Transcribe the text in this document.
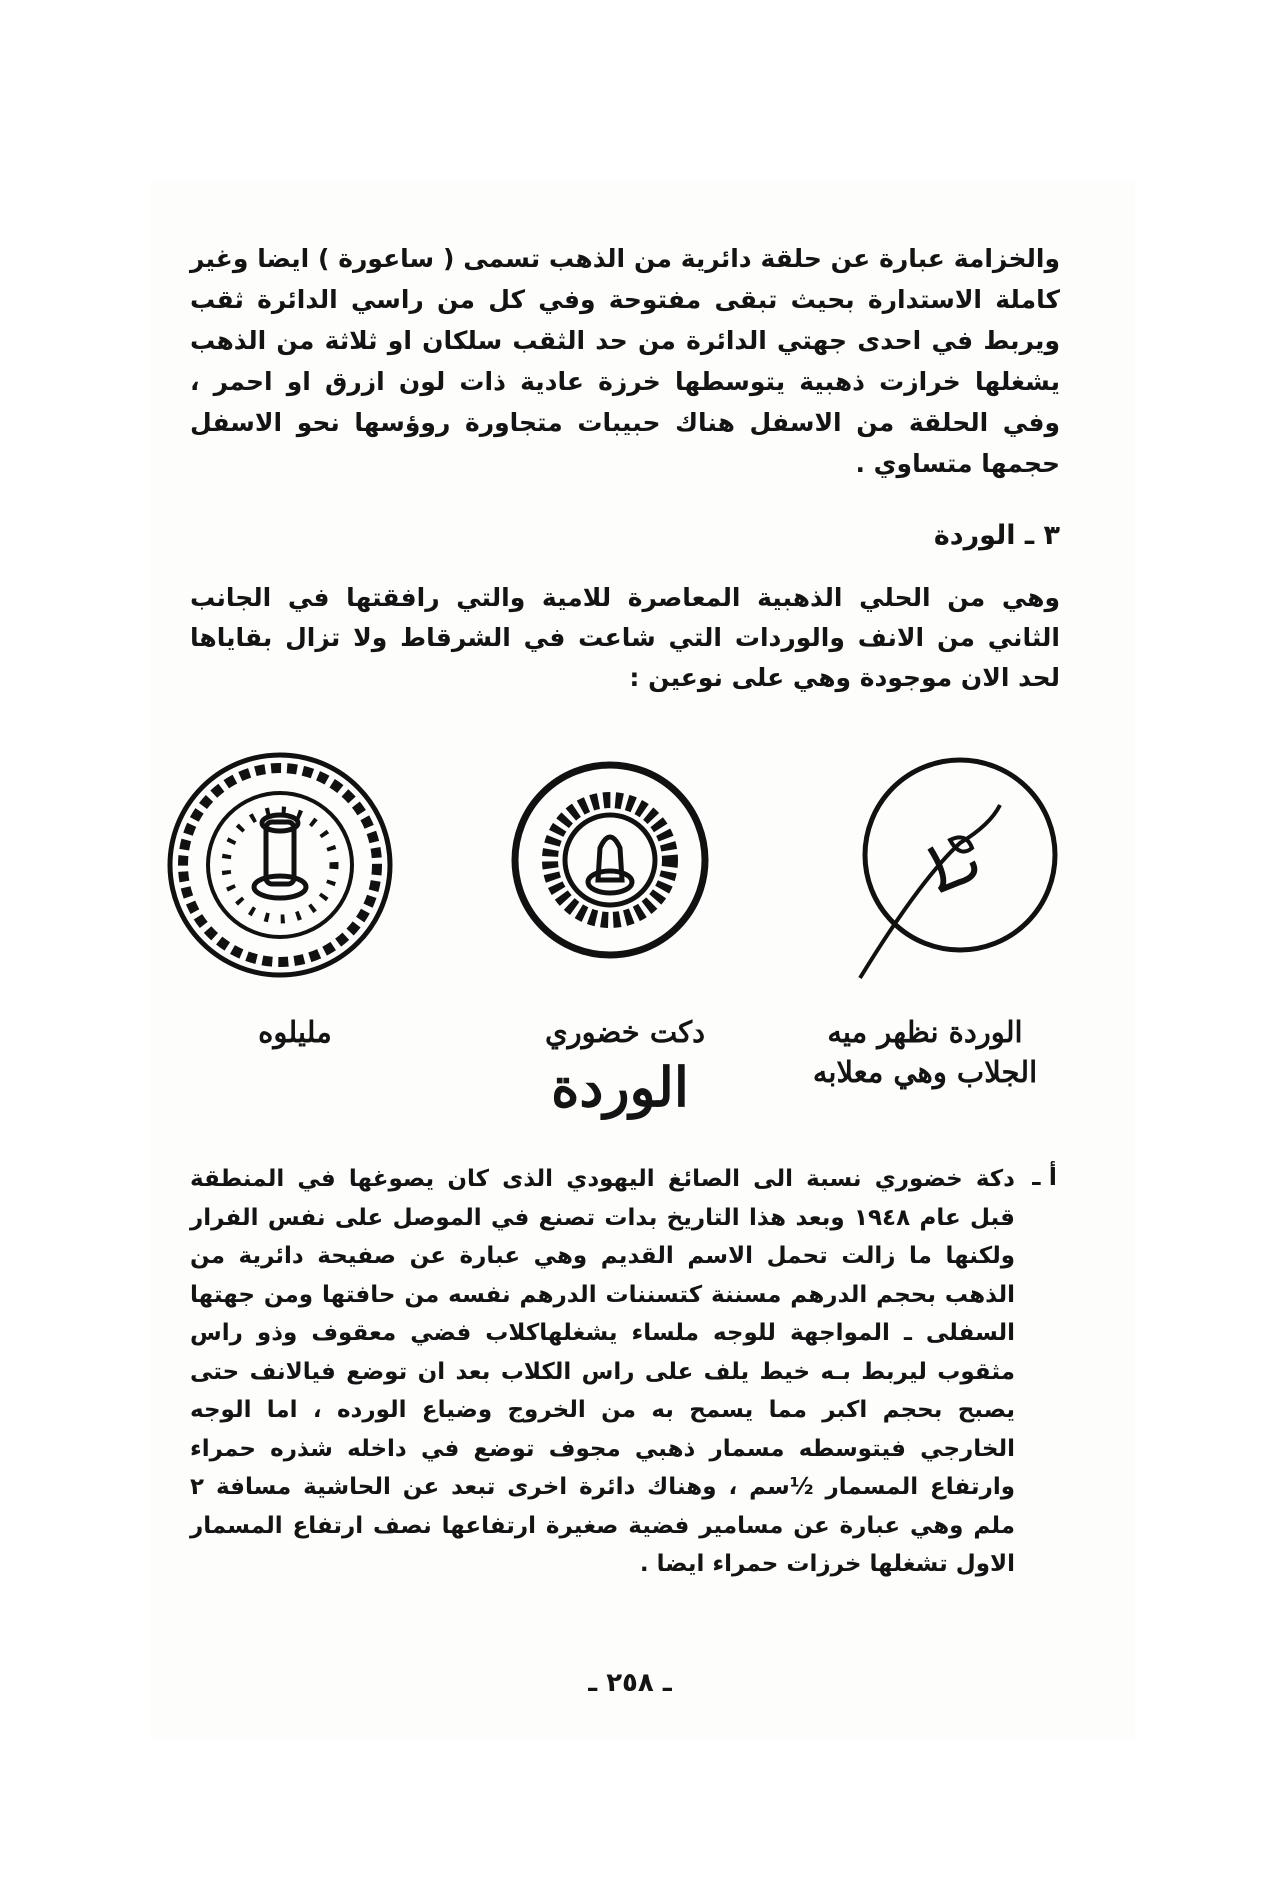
والخزامة عبارة عن حلقة دائرية من الذهب تسمى ( ساعورة ) ايضا وغير كاملة الاستدارة بحيث تبقى مفتوحة وفي كل من راسي الدائرة ثقب ويربط في احدى جهتي الدائرة من حد الثقب سلكان او ثلاثة من الذهب يشغلها خرازت ذهبية يتوسطها خرزة عادية ذات لون ازرق او احمر ، وفي الحلقة من الاسفل هناك حبيبات متجاورة روؤسها نحو الاسفل حجمها متساوي .
٣ ـ الوردة
وهي من الحلي الذهبية المعاصرة للامية والتي رافقتها في الجانب الثاني من الانف والوردات التي شاعت في الشرقاط ولا تزال بقاياها لحد الان موجودة وهي على نوعين :
الوردة نظهر ميه الجلاب وهي معلابه
دكت خضوري
مليلوه
الوردة
أ ـ
دكة خضوري نسبة الى الصائغ اليهودي الذى كان يصوغها في المنطقة قبل عام ١٩٤٨ وبعد هذا التاريخ بدات تصنع في الموصل على نفس الفرار ولكنها ما زالت تحمل الاسم القديم وهي عبارة عن صفيحة دائرية من الذهب بحجم الدرهم مسننة كتسننات الدرهم نفسه من حافتها ومن جهتها السفلى ـ المواجهة للوجه ملساء يشغلهاكلاب فضي معقوف وذو راس مثقوب ليربط بـه خيط يلف على راس الكلاب بعد ان توضع فيالانف حتى يصبح بحجم اكبر مما يسمح به من الخروج وضياع الورده ، اما الوجه الخارجي فيتوسطه مسمار ذهبي مجوف توضع في داخله شذره حمراء وارتفاع المسمار ½سم ، وهناك دائرة اخرى تبعد عن الحاشية مسافة ٢ ملم وهي عبارة عن مسامير فضية صغيرة ارتفاعها نصف ارتفاع المسمار الاول تشغلها خرزات حمراء ايضا .
ـ ٢٥٨ ـ
